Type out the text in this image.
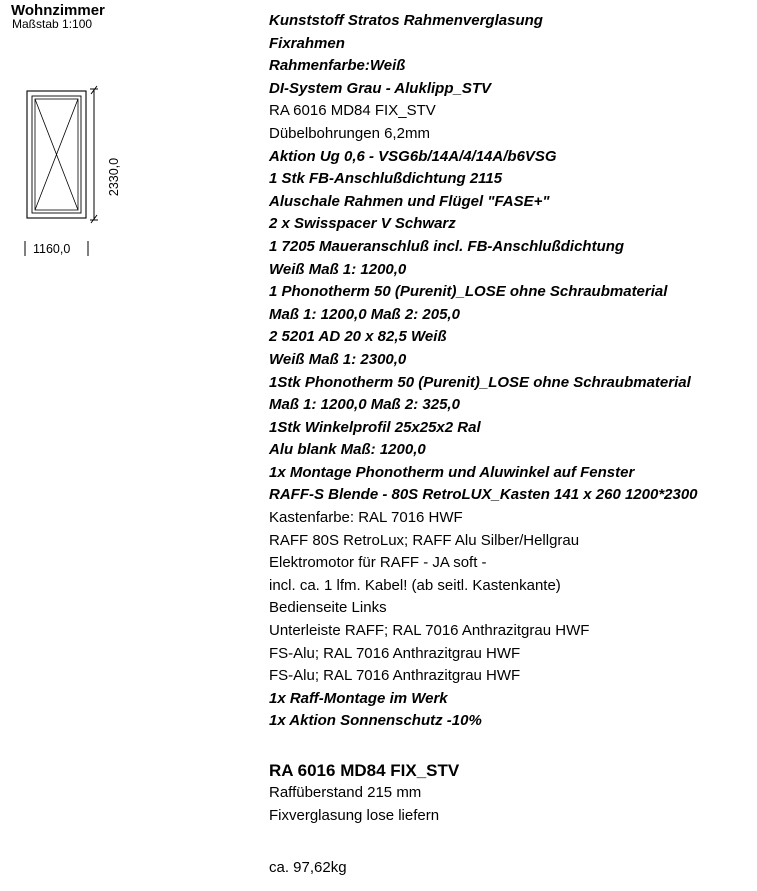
Wohnzimmer
Maßstab 1:100
2330,0
1160,0
Kunststoff Stratos Rahmenverglasung
Fixrahmen
Rahmenfarbe:Weiß
DI-System Grau - Aluklipp_STV
RA 6016 MD84 FIX_STV
Dübelbohrungen 6,2mm
Aktion Ug 0,6 - VSG6b/14A/4/14A/b6VSG
1 Stk FB-Anschlußdichtung 2115
Aluschale Rahmen und Flügel "FASE+"
2 x Swisspacer V Schwarz
1 7205 Maueranschluß incl. FB-Anschlußdichtung
Weiß Maß 1: 1200,0
1 Phonotherm 50 (Purenit)_LOSE ohne Schraubmaterial
Maß 1: 1200,0 Maß 2: 205,0
2 5201 AD 20 x 82,5 Weiß
Weiß Maß 1: 2300,0
1Stk Phonotherm 50 (Purenit)_LOSE ohne Schraubmaterial
Maß 1: 1200,0 Maß 2: 325,0
1Stk Winkelprofil 25x25x2 Ral
Alu blank Maß: 1200,0
1x Montage Phonotherm und Aluwinkel auf Fenster
RAFF-S Blende - 80S RetroLUX_Kasten 141 x 260 1200*2300
Kastenfarbe: RAL 7016 HWF
RAFF 80S RetroLux; RAFF Alu Silber/Hellgrau
Elektromotor für RAFF - JA soft -
incl. ca. 1 lfm. Kabel! (ab seitl. Kastenkante)
Bedienseite Links
Unterleiste RAFF; RAL 7016 Anthrazitgrau HWF
FS-Alu; RAL 7016 Anthrazitgrau HWF
FS-Alu; RAL 7016 Anthrazitgrau HWF
1x Raff-Montage im Werk
1x Aktion Sonnenschutz -10%
RA 6016 MD84 FIX_STV
Raffüberstand 215 mm
Fixverglasung lose liefern
ca. 97,62kg
